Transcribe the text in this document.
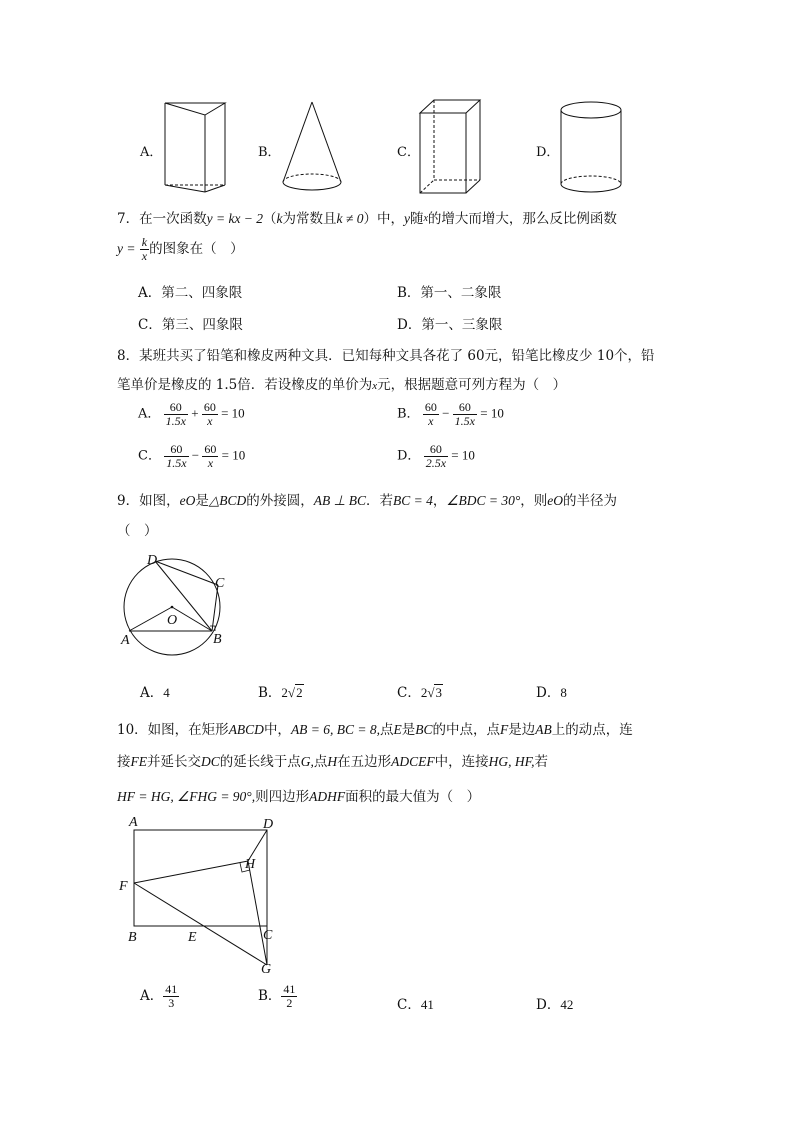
A．	B．	C．	D．
7．在一次函数y = kx − 2（k为常数且k ≠ 0）中，y随x的增大而增大，那么反比例函数
$y = \frac{k}{x}$ 的图象在（　）
A．第二、四象限	B．第一、二象限
C．第三、四象限	D．第一、三象限
8．某班共买了铅笔和橡皮两种文具．已知每种文具各花了 60元，铅笔比橡皮少 10个，铅
笔单价是橡皮的 1.5倍．若设橡皮的单价为x元，根据题意可列方程为（　）
A． $\frac{60}{1.5x} + \frac{60}{x} = 10$	B． $\frac{60}{x} - \frac{60}{1.5x} = 10$
C． $\frac{60}{1.5x} - \frac{60}{x} = 10$	D． $\frac{60}{2.5x} = 10$
9．如图，eO是△BCD的外接圆，AB ⊥ BC．若BC = 4，∠BDC = 30°，则eO的半径为
（　）
D
C
O
A	B
A．4	B．2√2	C．2√3	D．8
10．如图，在矩形ABCD中，AB = 6, BC = 8,点E是BC的中点，点F是边AB上的动点，连
接FE并延长交DC的延长线于点G,点H在五边形ADCEF中，连接HG, HF,若
HF = HG, ∠FHG = 90°,则四边形ADHF面积的最大值为（　）
A	D
H
F
B	E	C
G
A． $\frac{41}{3}$	B． $\frac{41}{2}$	C．41	D．42
